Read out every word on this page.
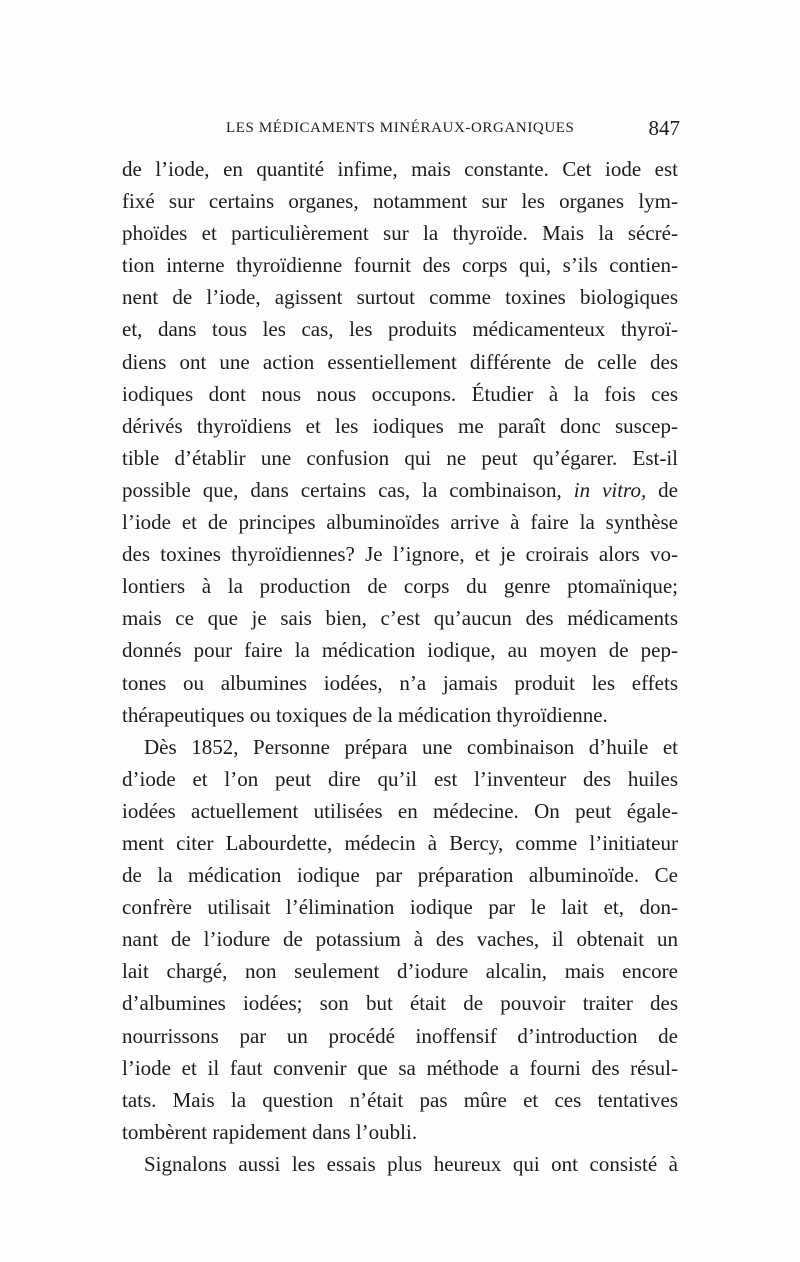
LES MÉDICAMENTS MINÉRAUX-ORGANIQUES	847
de l’iode, en quantité infime, mais constante. Cet iode est
fixé sur certains organes, notamment sur les organes lym-
phoïdes et particulièrement sur la thyroïde. Mais la sécré-
tion interne thyroïdienne fournit des corps qui, s’ils contien-
nent de l’iode, agissent surtout comme toxines biologiques
et, dans tous les cas, les produits médicamenteux thyroï-
diens ont une action essentiellement différente de celle des
iodiques dont nous nous occupons. Étudier à la fois ces
dérivés thyroïdiens et les iodiques me paraît donc suscep-
tible d’établir une confusion qui ne peut qu’égarer. Est-il
possible que, dans certains cas, la combinaison, in vitro, de
l’iode et de principes albuminoïdes arrive à faire la synthèse
des toxines thyroïdiennes? Je l’ignore, et je croirais alors vo-
lontiers à la production de corps du genre ptomaïnique;
mais ce que je sais bien, c’est qu’aucun des médicaments
donnés pour faire la médication iodique, au moyen de pep-
tones ou albumines iodées, n’a jamais produit les effets
thérapeutiques ou toxiques de la médication thyroïdienne.
Dès 1852, Personne prépara une combinaison d’huile et
d’iode et l’on peut dire qu’il est l’inventeur des huiles
iodées actuellement utilisées en médecine. On peut égale-
ment citer Labourdette, médecin à Bercy, comme l’initiateur
de la médication iodique par préparation albuminoïde. Ce
confrère utilisait l’élimination iodique par le lait et, don-
nant de l’iodure de potassium à des vaches, il obtenait un
lait chargé, non seulement d’iodure alcalin, mais encore
d’albumines iodées; son but était de pouvoir traiter des
nourrissons par un procédé inoffensif d’introduction de
l’iode et il faut convenir que sa méthode a fourni des résul-
tats. Mais la question n’était pas mûre et ces tentatives
tombèrent rapidement dans l’oubli.
Signalons aussi les essais plus heureux qui ont consisté à
